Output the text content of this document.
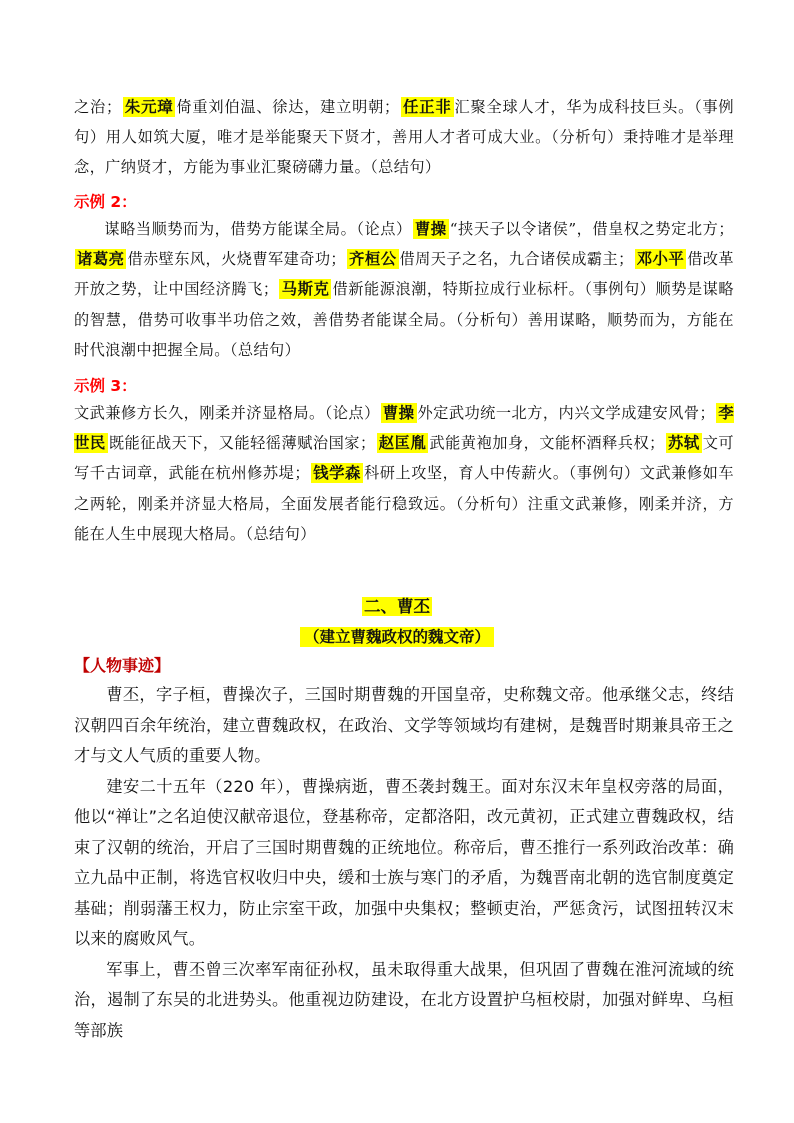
之治； 朱元璋 倚重刘伯温、徐达，建立明朝； 任正非 汇聚全球人才，华为成科技巨头。（事例句）用人如筑大厦，唯才是举能聚天下贤才，善用人才者可成大业。（分析句）秉持唯才是举理念，广纳贤才，方能为事业汇聚磅礴力量。（总结句）

示例 2：

谋略当顺势而为，借势方能谋全局。（论点） 曹操 “挟天子以令诸侯”，借皇权之势定北方；诸葛亮 借赤壁东风，火烧曹军建奇功； 齐桓公 借周天子之名，九合诸侯成霸主； 邓小平 借改革开放之势，让中国经济腾飞； 马斯克 借新能源浪潮，特斯拉成行业标杆。（事例句）顺势是谋略的智慧，借势可收事半功倍之效，善借势者能谋全局。（分析句）善用谋略，顺势而为，方能在时代浪潮中把握全局。（总结句）

示例 3：

文武兼修方长久，刚柔并济显格局。（论点） 曹操 外定武功统一北方，内兴文学成建安风骨； 李世民 既能征战天下，又能轻徭薄赋治国家； 赵匡胤 武能黄袍加身，文能杯酒释兵权； 苏轼 文可写千古词章，武能在杭州修苏堤； 钱学森 科研上攻坚，育人中传薪火。（事例句）文武兼修如车之两轮，刚柔并济显大格局，全面发展者能行稳致远。（分析句）注重文武兼修，刚柔并济，方能在人生中展现大格局。（总结句）

二、曹丕
（建立曹魏政权的魏文帝）
【人物事迹】

曹丕，字子桓，曹操次子，三国时期曹魏的开国皇帝，史称魏文帝。他承继父志，终结汉朝四百余年统治，建立曹魏政权，在政治、文学等领域均有建树，是魏晋时期兼具帝王之才与文人气质的重要人物。

建安二十五年（220 年），曹操病逝，曹丕袭封魏王。面对东汉末年皇权旁落的局面，他以“禅让”之名迫使汉献帝退位，登基称帝，定都洛阳，改元黄初，正式建立曹魏政权，结束了汉朝的统治，开启了三国时期曹魏的正统地位。称帝后，曹丕推行一系列政治改革：确立九品中正制，将选官权收归中央，缓和士族与寒门的矛盾，为魏晋南北朝的选官制度奠定基础；削弱藩王权力，防止宗室干政，加强中央集权；整顿吏治，严惩贪污，试图扭转汉末以来的腐败风气。

军事上，曹丕曾三次率军南征孙权，虽未取得重大战果，但巩固了曹魏在淮河流域的统治，遏制了东吴的北进势头。他重视边防建设，在北方设置护乌桓校尉，加强对鲜卑、乌桓等部族
